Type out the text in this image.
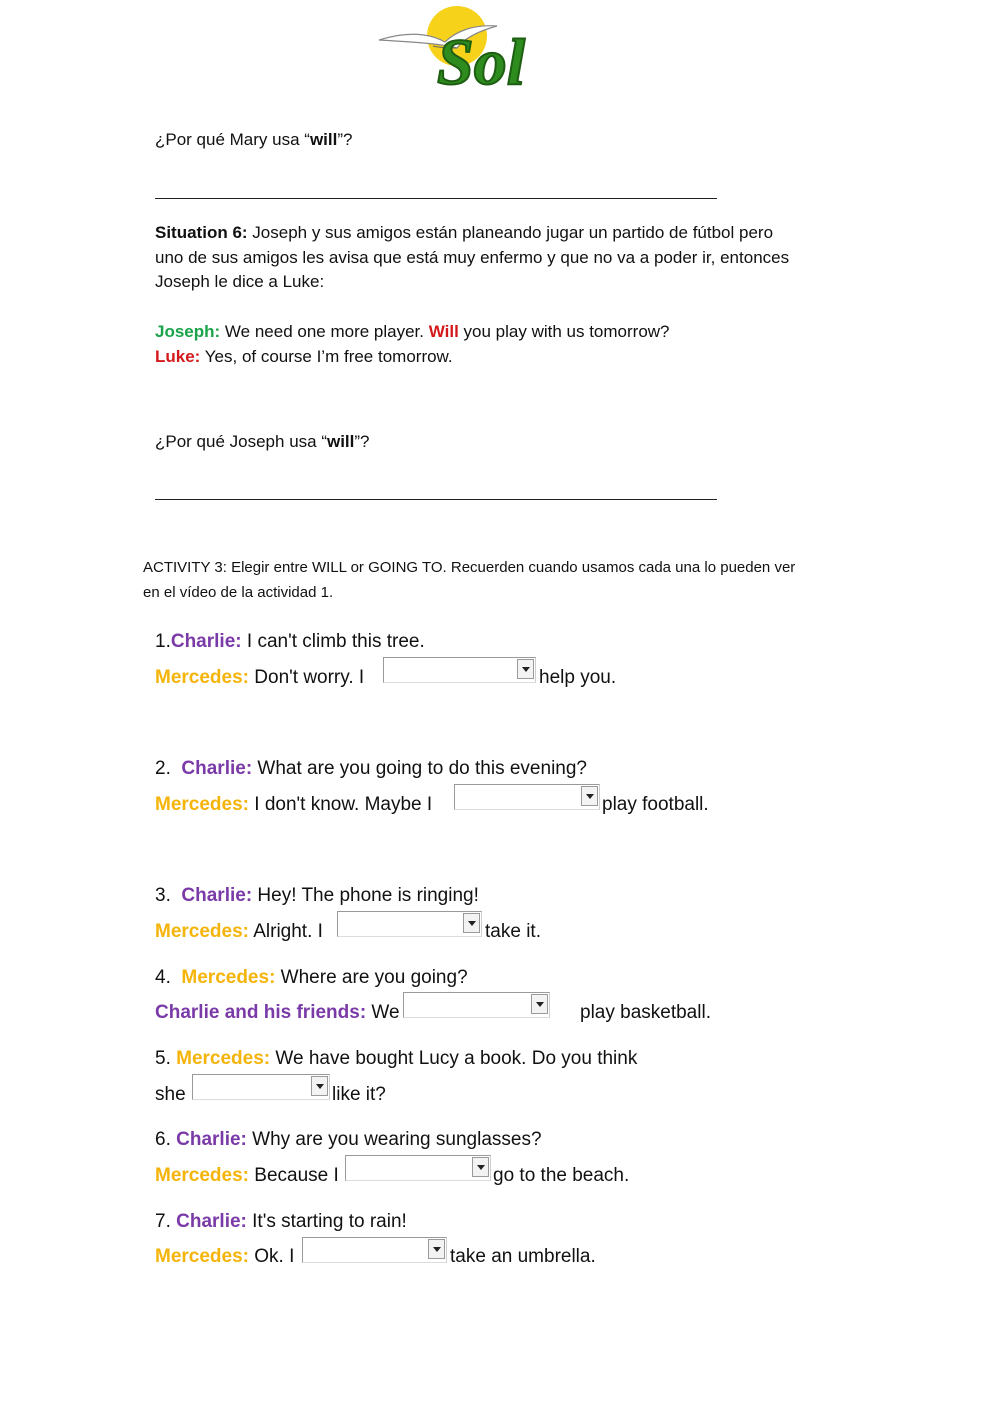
Sol
¿Por qué Mary usa “will”?
Situation 6: Joseph y sus amigos están planeando jugar un partido de fútbol pero
uno de sus amigos les avisa que está muy enfermo y que no va a poder ir, entonces
Joseph le dice a Luke:
Joseph: We need one more player. Will you play with us tomorrow?
Luke: Yes, of course I’m free tomorrow.
¿Por qué Joseph usa “will”?
ACTIVITY 3: Elegir entre WILL or GOING TO. Recuerden cuando usamos cada una lo pueden ver
en el vídeo de la actividad 1.
1.Charlie: I can't climb this tree.
Mercedes: Don't worry. I	help you.
2.  Charlie: What are you going to do this evening?
Mercedes: I don't know. Maybe I	play football.
3.  Charlie: Hey! The phone is ringing!
Mercedes: Alright. I	take it.
4.  Mercedes: Where are you going?
Charlie and his friends: We	play basketball.
5. Mercedes: We have bought Lucy a book. Do you think
she	like it?
6. Charlie: Why are you wearing sunglasses?
Mercedes: Because I	go to the beach.
7. Charlie: It's starting to rain!
Mercedes: Ok. I	take an umbrella.
